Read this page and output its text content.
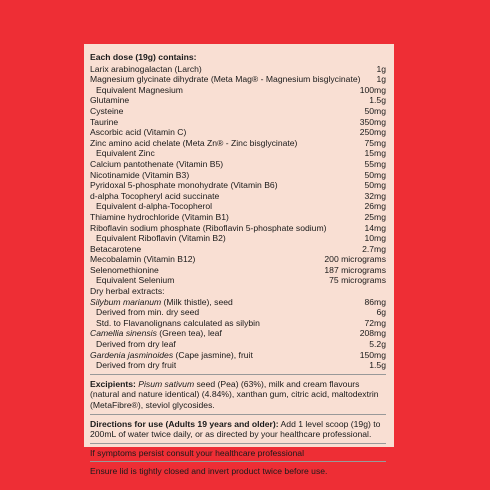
Each dose (19g) contains:
Larix arabinogalactan (Larch)	1g
Magnesium glycinate dihydrate (Meta Mag® - Magnesium bisglycinate)	1g
Equivalent Magnesium	100mg
Glutamine	1.5g
Cysteine	50mg
Taurine	350mg
Ascorbic acid (Vitamin C)	250mg
Zinc amino acid chelate (Meta Zn® - Zinc bisglycinate)	75mg
Equivalent Zinc	15mg
Calcium pantothenate (Vitamin B5)	55mg
Nicotinamide (Vitamin B3)	50mg
Pyridoxal 5-phosphate monohydrate (Vitamin B6)	50mg
d-alpha Tocopheryl acid succinate	32mg
Equivalent d-alpha-Tocopherol	26mg
Thiamine hydrochloride (Vitamin B1)	25mg
Riboflavin sodium phosphate (Riboflavin 5-phosphate sodium)	14mg
Equivalent Riboflavin (Vitamin B2)	10mg
Betacarotene	2.7mg
Mecobalamin (Vitamin B12)	200 micrograms
Selenomethionine	187 micrograms
Equivalent Selenium	75 micrograms
Dry herbal extracts:
Silybum marianum (Milk thistle), seed	86mg
Derived from min. dry seed	6g
Std. to Flavanolignans calculated as silybin	72mg
Camellia sinensis (Green tea), leaf	208mg
Derived from dry leaf	5.2g
Gardenia jasminoides (Cape jasmine), fruit	150mg
Derived from dry fruit	1.5g

Excipients: Pisum sativum seed (Pea) (63%), milk and cream flavours (natural and nature identical) (4.84%), xanthan gum, citric acid, maltodextrin (MetaFibre®), steviol glycosides.

Directions for use (Adults 19 years and older): Add 1 level scoop (19g) to 200mL of water twice daily, or as directed by your healthcare professional.

If symptoms persist consult your healthcare professional

Ensure lid is tightly closed and invert product twice before use.
